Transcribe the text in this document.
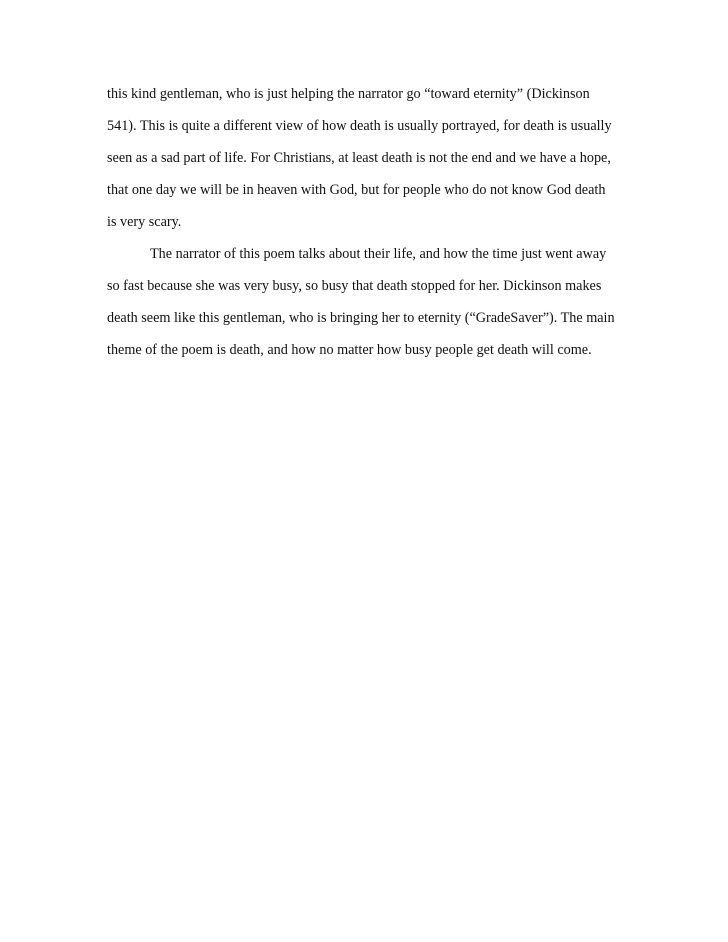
this kind gentleman, who is just helping the narrator go “toward eternity” (Dickinson
541). This is quite a different view of how death is usually portrayed, for death is usually
seen as a sad part of life. For Christians, at least death is not the end and we have a hope,
that one day we will be in heaven with God, but for people who do not know God death
is very scary.
The narrator of this poem talks about their life, and how the time just went away
so fast because she was very busy, so busy that death stopped for her. Dickinson makes
death seem like this gentleman, who is bringing her to eternity (“GradeSaver”). The main
theme of the poem is death, and how no matter how busy people get death will come.
